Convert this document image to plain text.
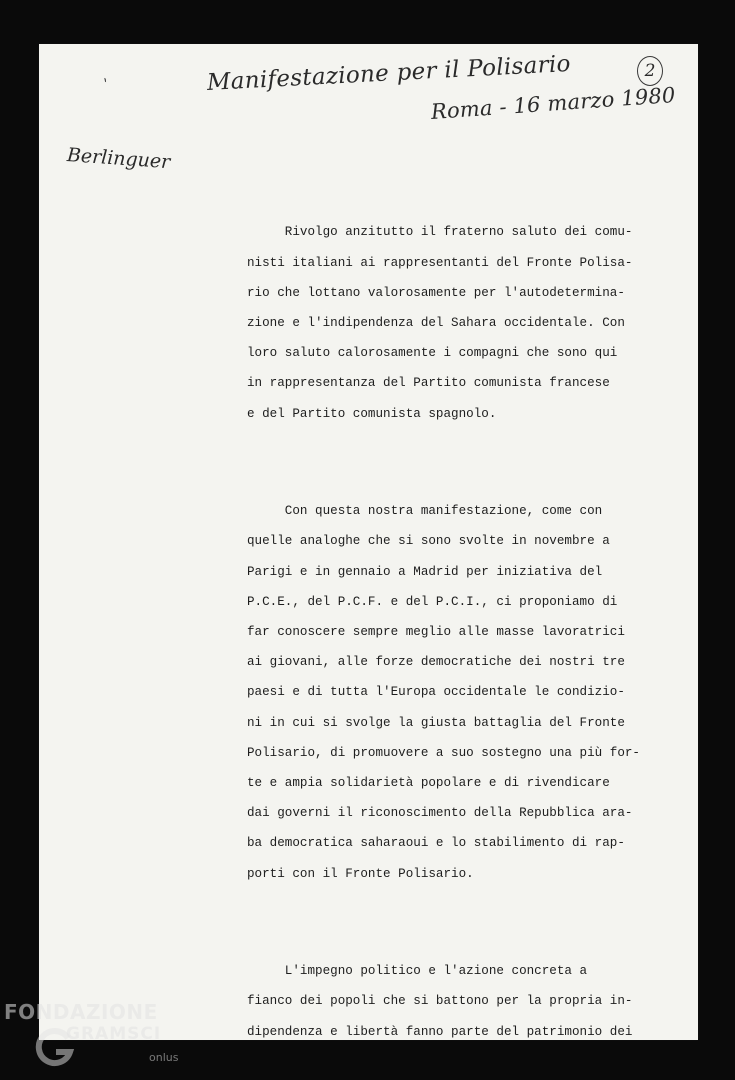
`	Manifestazione per il Polisario
Roma - 16 marzo 1980
Berlinguer
2

Rivolgo anzitutto il fraterno saluto dei comu-
nisti italiani ai rappresentanti del Fronte Polisa-
rio che lottano valorosamente per l'autodetermina-
zione e l'indipendenza del Sahara occidentale. Con
loro saluto calorosamente i compagni che sono qui
in rappresentanza del Partito comunista francese
e del Partito comunista spagnolo.

Con questa nostra manifestazione, come con
quelle analoghe che si sono svolte in novembre a
Parigi e in gennaio a Madrid per iniziativa del
P.C.E., del P.C.F. e del P.C.I., ci proponiamo di
far conoscere sempre meglio alle masse lavoratrici
ai giovani, alle forze democratiche dei nostri tre
paesi e di tutta l'Europa occidentale le condizio-
ni in cui si svolge la giusta battaglia del Fronte
Polisario, di promuovere a suo sostegno una più for-
te e ampia solidarietà popolare e di rivendicare
dai governi il riconoscimento della Repubblica ara-
ba democratica saharaoui e lo stabilimento di rap-
porti con il Fronte Polisario.

L'impegno politico e l'azione concreta a
fianco dei popoli che si battono per la propria in-
dipendenza e libertà fanno parte del patrimonio dei

FONDAZIONE
GRAMSCI
onlus
